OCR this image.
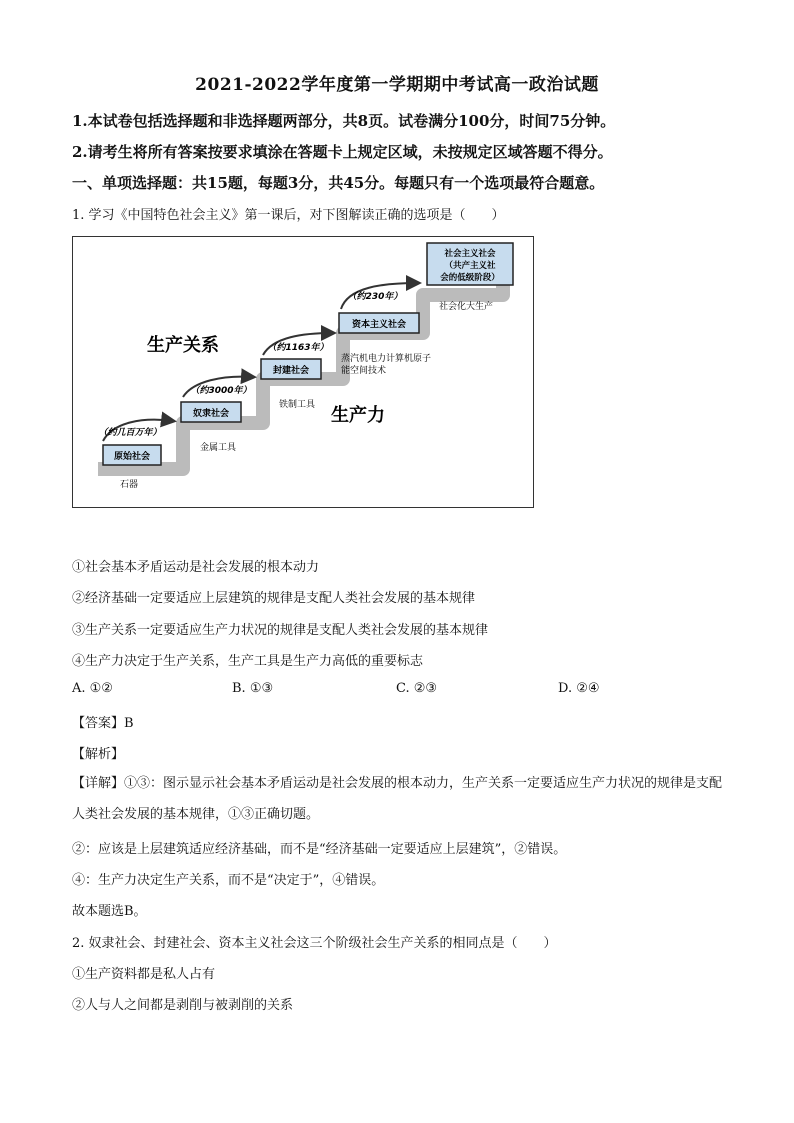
2021-2022学年度第一学期期中考试高一政治试题
1.本试卷包括选择题和非选择题两部分，共8页。试卷满分100分，时间75分钟。
2.请考生将所有答案按要求填涂在答题卡上规定区域，未按规定区域答题不得分。
一、单项选择题：共15题，每题3分，共45分。每题只有一个选项最符合题意。
1. 学习《中国特色社会主义》第一课后，对下图解读正确的选项是（　　）
原始社会
奴隶社会
封建社会
资本主义社会
社会主义社会
（共产主义社
会的低级阶段）
（约几百万年）
（约3000年）
（约1163年）
（约230年）
石器
金属工具
铁制工具
蒸汽机电力计算机原子
能空间技术
社会化大生产
生产关系
生产力
①社会基本矛盾运动是社会发展的根本动力
②经济基础一定要适应上层建筑的规律是支配人类社会发展的基本规律
③生产关系一定要适应生产力状况的规律是支配人类社会发展的基本规律
④生产力决定于生产关系，生产工具是生产力高低的重要标志
A. ①②	B. ①③	C. ②③	D. ②④
【答案】B
【解析】
【详解】①③：图示显示社会基本矛盾运动是社会发展的根本动力，生产关系一定要适应生产力状况的规律是支配人类社会发展的基本规律，①③正确切题。
②：应该是上层建筑适应经济基础，而不是“经济基础一定要适应上层建筑”，②错误。
④：生产力决定生产关系，而不是“决定于”，④错误。
故本题选B。
2. 奴隶社会、封建社会、资本主义社会这三个阶级社会生产关系的相同点是（　　）
①生产资料都是私人占有
②人与人之间都是剥削与被剥削的关系
